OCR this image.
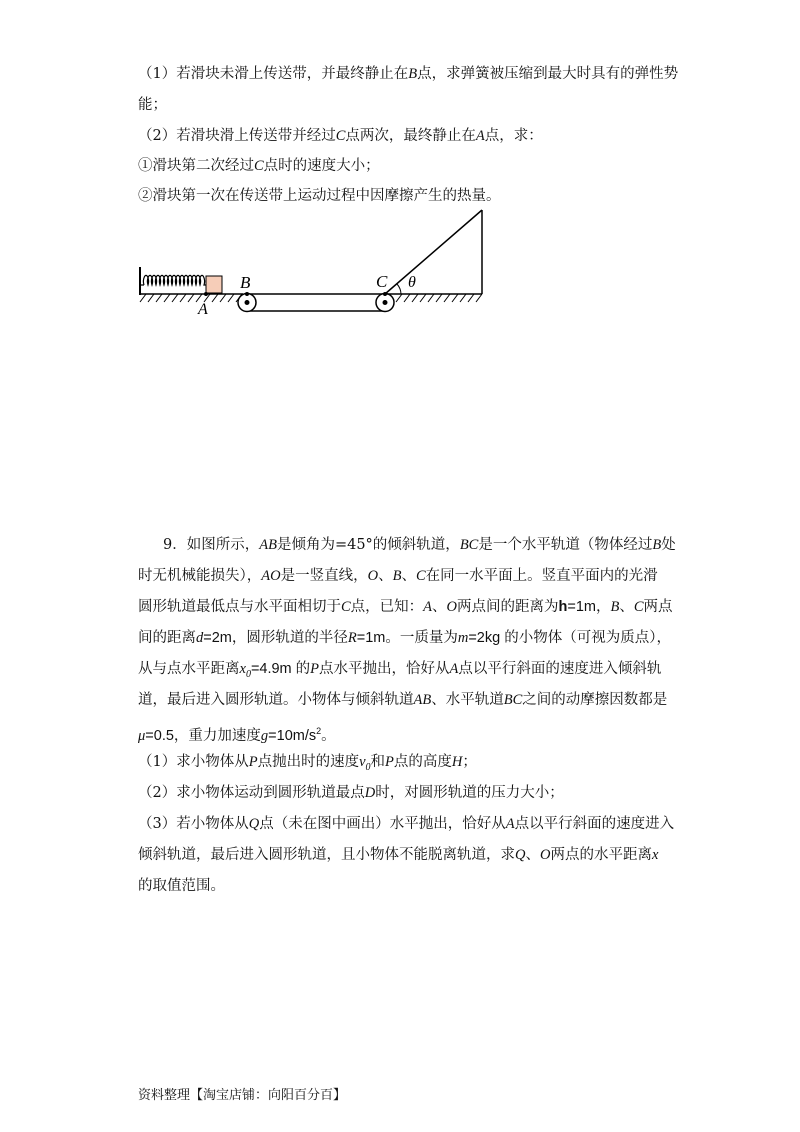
（1）若滑块未滑上传送带，并最终静止在B点，求弹簧被压缩到最大时具有的弹性势
能；
（2）若滑块滑上传送带并经过C点两次，最终静止在A点，求：
①滑块第二次经过C点时的速度大小；
②滑块第一次在传送带上运动过程中因摩擦产生的热量。
B	C
A
θ
9．如图所示，AB是倾角为=45°的倾斜轨道，BC是一个水平轨道（物体经过B处
时无机械能损失），AO是一竖直线，O、B、C在同一水平面上。竖直平面内的光滑
圆形轨道最低点与水平面相切于C点，已知：A、O两点间的距离为h=1m，B、C两点
间的距离d=2m，圆形轨道的半径R=1m。一质量为m=2kg 的小物体（可视为质点），
从与点水平距离$x_0=4.9m$ 的P点水平抛出，恰好从A点以平行斜面的速度进入倾斜轨
道，最后进入圆形轨道。小物体与倾斜轨道AB、水平轨道BC之间的动摩擦因数都是
μ=0.5，重力加速度$g=10m/s^2$。
（1）求小物体从P点抛出时的速度$v_0$和P点的高度H；
（2）求小物体运动到圆形轨道最点D时，对圆形轨道的压力大小；
（3）若小物体从Q点（未在图中画出）水平抛出，恰好从A点以平行斜面的速度进入
倾斜轨道，最后进入圆形轨道，且小物体不能脱离轨道，求Q、O两点的水平距离x
的取值范围。
资料整理【淘宝店铺：向阳百分百】
